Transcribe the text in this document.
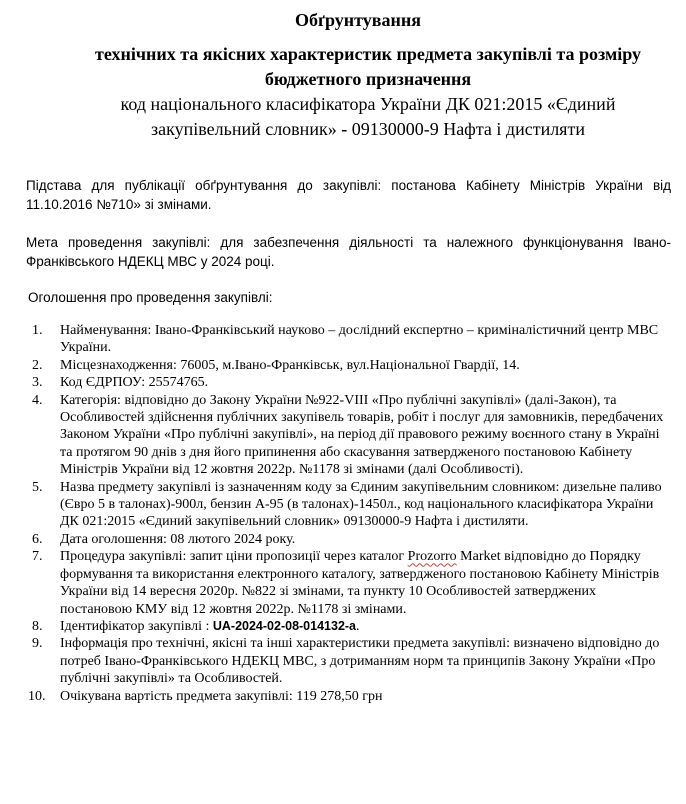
Обґрунтування

технічних та якісних характеристик предмета закупівлі та розміру

бюджетного призначення

код національного класифікатора України ДК 021:2015 «Єдиний

закупівельний словник» - 09130000-9 Нафта і дистиляти

Підстава для публікації обґрунтування до закупівлі: постанова Кабінету Міністрів України від 11.10.2016 №710» зі змінами.

Мета проведення закупівлі: для забезпечення діяльності та належного функціонування Івано-Франківського НДЕКЦ МВС у 2024 році.

Оголошення про проведення закупівлі:

1.	Найменування: Івано-Франківський науково – дослідний експертно – криміналістичний центр МВС України.
2.	Місцезнаходження: 76005, м.Івано-Франківськ, вул.Національної Гвардії, 14.
3.	Код ЄДРПОУ: 25574765.
4.	Категорія: відповідно до Закону України №922-VIII «Про публічні закупівлі» (далі-Закон), та Особливостей здійснення публічних закупівель товарів, робіт і послуг для замовників, передбачених Законом України «Про публічні закупівлі», на період дії правового режиму воєнного стану в Україні та протягом 90 днів з дня його припинення або скасування затвердженого постановою Кабінету Міністрів України від 12 жовтня 2022р. №1178 зі змінами (далі Особливості).
5.	Назва предмету закупівлі із зазначенням коду за Єдиним закупівельним словником: дизельне паливо (Євро 5 в талонах)-900л, бензин А-95 (в талонах)-1450л., код національного класифікатора України ДК 021:2015 «Єдиний закупівельний словник» 09130000-9 Нафта і дистиляти.
6.	Дата оголошення: 08 лютого 2024 року.
7.	Процедура закупівлі: запит ціни пропозиції через каталог Prozorro Market відповідно до Порядку формування та використання електронного каталогу, затвердженого постановою Кабінету Міністрів України від 14 вересня 2020р. №822 зі змінами, та пункту 10 Особливостей затверджених постановою КМУ від 12 жовтня 2022р. №1178 зі змінами.
8.	Ідентифікатор закупівлі : UA-2024-02-08-014132-a.
9.	Інформація про технічні, якісні та інші характеристики предмета закупівлі: визначено відповідно до потреб Івано-Франківського НДЕКЦ МВС, з дотриманням норм та принципів Закону України «Про публічні закупівлі» та Особливостей.
10.	Очікувана вартість предмета закупівлі: 119 278,50 грн
